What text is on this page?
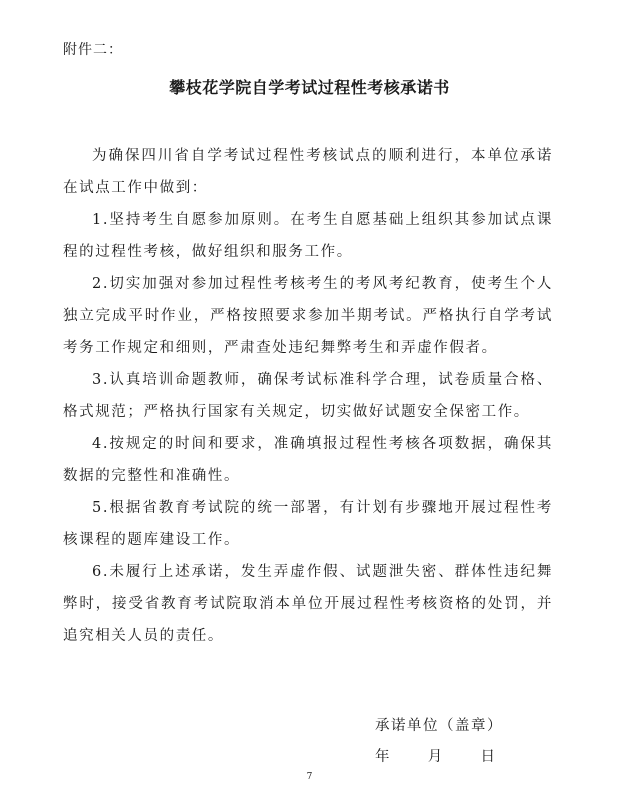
附件二：
攀枝花学院自学考试过程性考核承诺书

为确保四川省自学考试过程性考核试点的顺利进行，本单位承诺在试点工作中做到：

1.坚持考生自愿参加原则。在考生自愿基础上组织其参加试点课程的过程性考核，做好组织和服务工作。

2.切实加强对参加过程性考核考生的考风考纪教育，使考生个人独立完成平时作业，严格按照要求参加半期考试。严格执行自学考试考务工作规定和细则，严肃查处违纪舞弊考生和弄虚作假者。

3.认真培训命题教师，确保考试标准科学合理，试卷质量合格、格式规范；严格执行国家有关规定，切实做好试题安全保密工作。

4.按规定的时间和要求，准确填报过程性考核各项数据，确保其数据的完整性和准确性。

5.根据省教育考试院的统一部署，有计划有步骤地开展过程性考核课程的题库建设工作。

6.未履行上述承诺，发生弄虚作假、试题泄失密、群体性违纪舞弊时，接受省教育考试院取消本单位开展过程性考核资格的处罚，并追究相关人员的责任。

承诺单位（盖章）
年	月	日
7
